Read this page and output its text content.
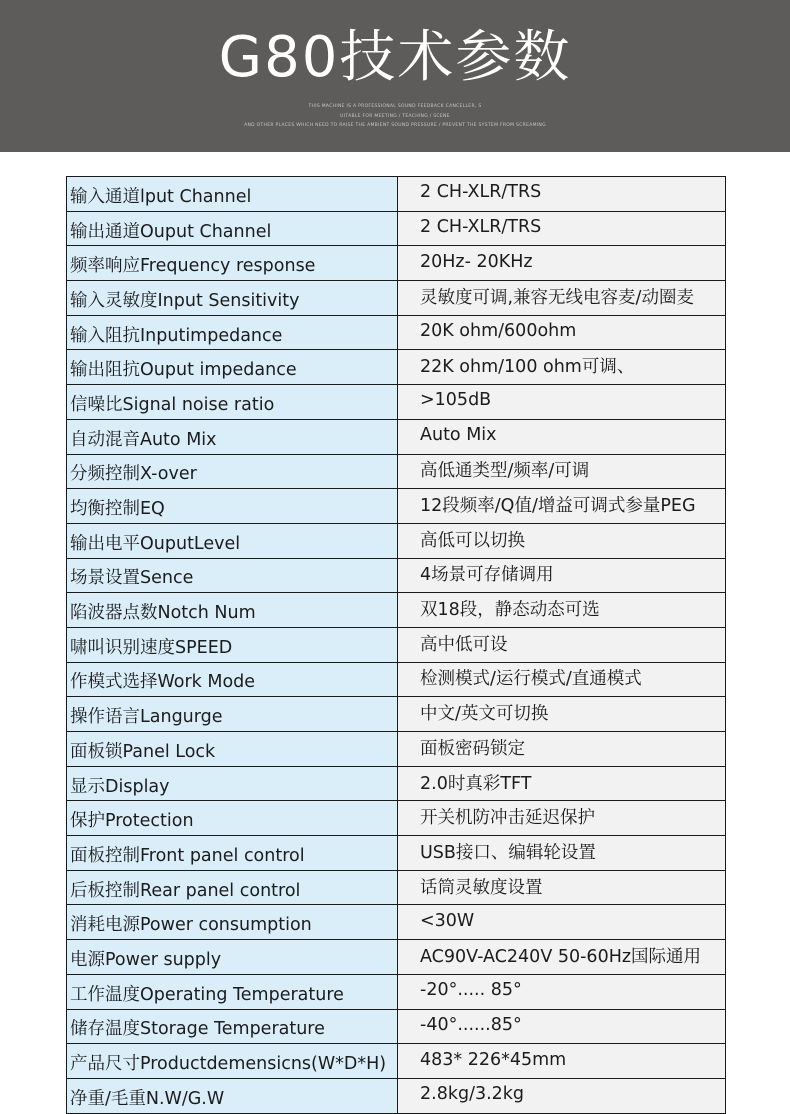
G80技术参数
THIS MACHINE IS A PROFESSIONAL SOUND FEEDBACK CANCELLER, S
UITABLE FOR MEETING / TEACHING / SCENE
AND OTHER PLACES WHICH NEED TO RAISE THE AMBIENT SOUND PRESSURE / PREVENT THE SYSTEM FROM SCREAMING
输入通道lput Channel	2 CH-XLR/TRS
输出通道Ouput Channel	2 CH-XLR/TRS
频率响应Frequency response	20Hz- 20KHz
输入灵敏度Input Sensitivity	灵敏度可调,兼容无线电容麦/动圈麦
输入阻抗Inputimpedance	20K ohm/600ohm
输出阻抗Ouput impedance	22K ohm/100 ohm可调、
信噪比Signal noise ratio	>105dB
自动混音Auto Mix	Auto Mix
分频控制X-over	高低通类型/频率/可调
均衡控制EQ	12段频率/Q值/增益可调式参量PEG
输出电平OuputLevel	高低可以切换
场景设置Sence	4场景可存储调用
陷波器点数Notch Num	双18段，静态动态可选
啸叫识别速度SPEED	高中低可设
作模式选择Work Mode	检测模式/运行模式/直通模式
操作语言Langurge	中文/英文可切换
面板锁Panel Lock	面板密码锁定
显示Display	2.0时真彩TFT
保护Protection	开关机防冲击延迟保护
面板控制Front panel control	USB接口、编辑轮设置
后板控制Rear panel control	话筒灵敏度设置
消耗电源Power consumption	<30W
电源Power supply	AC90V-AC240V 50-60Hz国际通用
工作温度Operating Temperature	-20°..... 85°
储存温度Storage Temperature	-40°......85°
产品尺寸Productdemensicns(W*D*H)	483* 226*45mm
净重/毛重N.W/G.W	2.8kg/3.2kg
